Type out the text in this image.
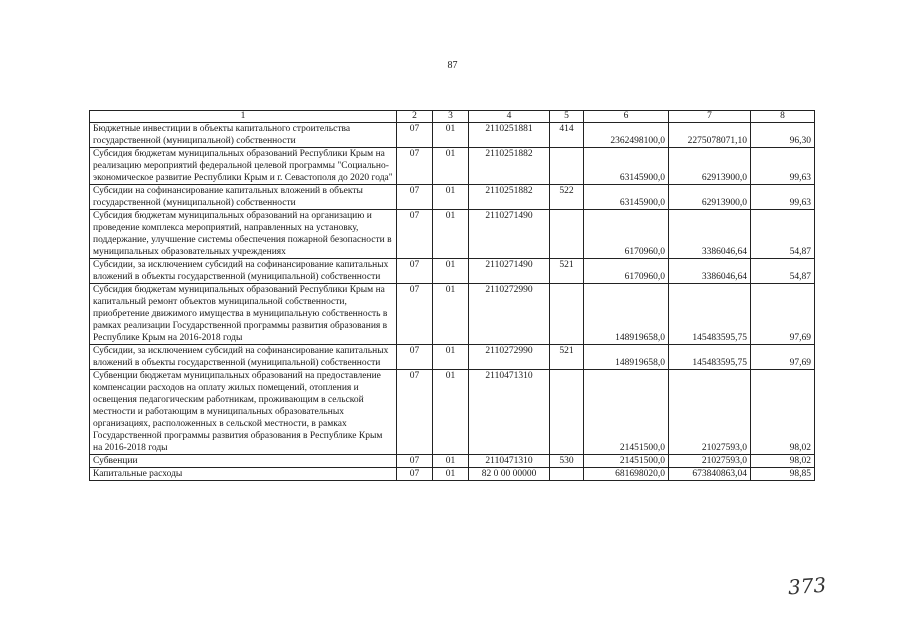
87
1	2	3	4	5	6	7	8
Бюджетные инвестиции в объекты капитального строительства государственной (муниципальной) собственности	07	01	2110251881	414	2362498100,0	2275078071,10	96,30
Субсидия бюджетам муниципальных образований Республики Крым на реализацию мероприятий федеральной целевой программы "Социально-экономическое развитие Республики Крым и г. Севастополя до 2020 года"	07	01	2110251882		63145900,0	62913900,0	99,63
Субсидии на софинансирование капитальных вложений в объекты государственной (муниципальной) собственности	07	01	2110251882	522	63145900,0	62913900,0	99,63
Субсидия бюджетам муниципальных образований на организацию и проведение комплекса мероприятий, направленных на установку, поддержание, улучшение системы обеспечения пожарной безопасности в муниципальных образовательных учреждениях	07	01	2110271490		6170960,0	3386046,64	54,87
Субсидии, за исключением субсидий на софинансирование капитальных вложений в объекты государственной (муниципальной) собственности	07	01	2110271490	521	6170960,0	3386046,64	54,87
Субсидия бюджетам муниципальных образований Республики Крым на капитальный ремонт объектов муниципальной собственности, приобретение движимого имущества в муниципальную собственность в рамках реализации Государственной программы развития образования в Республике Крым на 2016-2018 годы	07	01	2110272990		148919658,0	145483595,75	97,69
Субсидии, за исключением субсидий на софинансирование капитальных вложений в объекты государственной (муниципальной) собственности	07	01	2110272990	521	148919658,0	145483595,75	97,69
Субвенции бюджетам муниципальных образований на предоставление компенсации расходов на оплату жилых помещений, отопления и освещения педагогическим работникам, проживающим в сельской местности и работающим в муниципальных образовательных организациях, расположенных в сельской местности, в рамках Государственной программы развития образования в Республике Крым на 2016-2018 годы	07	01	2110471310		21451500,0	21027593,0	98,02
Субвенции	07	01	2110471310	530	21451500,0	21027593,0	98,02
Капитальные расходы	07	01	82 0 00 00000		681698020,0	673840863,04	98,85
373
